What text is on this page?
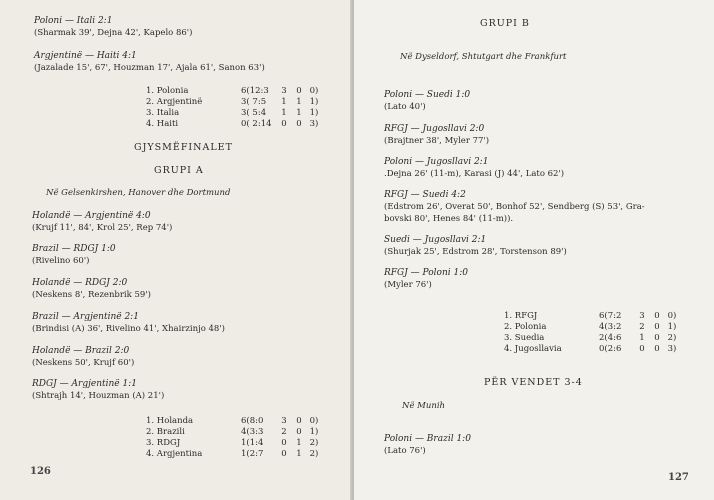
Poloni — Itali 2:1
(Sharmak 39', Dejna 42', Kapelo 86')
Argjentinë — Haiti 4:1
(Jazalade 15', 67', Houzman 17', Ajala 61', Sanon 63')
1. Polonia	6(12:3	3	0	0)
2. Argjentinë	3( 7:5	1	1	1)
3. Italia	3( 5:4	1	1	1)
4. Haiti	0( 2:14	0	0	3)
GJYSMËFINALET
GRUPI A
Në Gelsenkirshen, Hanover dhe Dortmund
Holandë — Argjentinë 4:0
(Krujf 11', 84', Krol 25', Rep 74')
Brazil — RDGJ 1:0
(Rivelino 60')
Holandë — RDGJ 2:0
(Neskens 8', Rezenbrik 59')
Brazil — Argjentinë 2:1
(Brindisi (A) 36', Rivelino 41', Xhairzinjo 48')
Holandë — Brazil 2:0
(Neskens 50', Krujf 60')
RDGJ — Argjentinë 1:1
(Shtrajh 14', Houzman (A) 21')
1. Holanda	6(8:0	3	0	0)
2. Brazili	4(3:3	2	0	1)
3. RDGJ	1(1:4	0	1	2)
4. Argjentina	1(2:7	0	1	2)
126
GRUPI B
Në Dyseldorf, Shtutgart dhe Frankfurt
Poloni — Suedi 1:0
(Lato 40')
RFGJ — Jugosllavi 2:0
(Brajtner 38', Myler 77')
Poloni — Jugosllavi 2:1
.Dejna 26' (11-m), Karasi (J) 44', Lato 62')
RFGJ — Suedi 4:2
(Edstrom 26', Overat 50', Bonhof 52', Sendberg (S) 53', Gra-
bovski 80', Henes 84' (11-m)).
Suedi — Jugosllavi 2:1
(Shurjak 25', Edstrom 28', Torstenson 89')
RFGJ — Poloni 1:0
(Myler 76')
1. RFGJ	6(7:2	3	0	0)
2. Polonia	4(3:2	2	0	1)
3. Suedia	2(4:6	1	0	2)
4. Jugosllavia	0(2:6	0	0	3)
PËR VENDET 3-4
Në Munih
Poloni — Brazil 1:0
(Lato 76')
127
